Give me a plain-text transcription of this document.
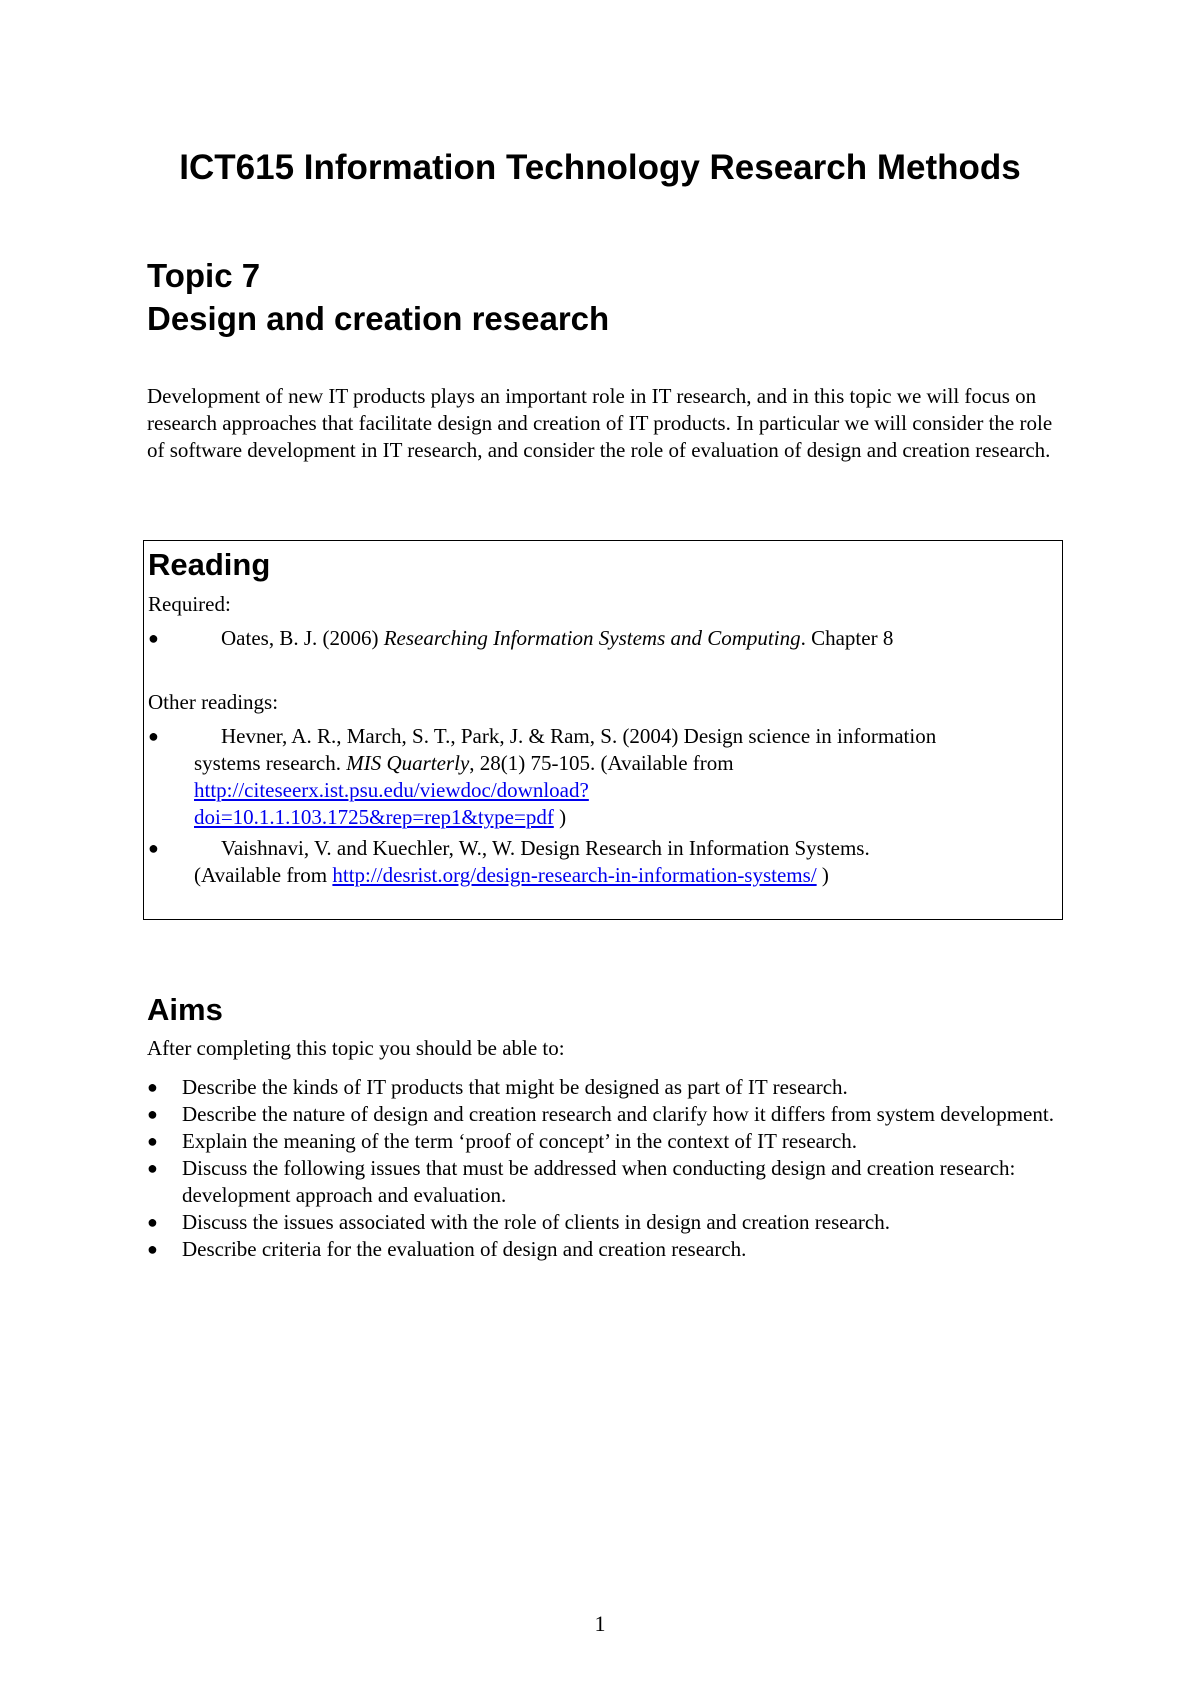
ICT615 Information Technology Research Methods
Topic 7
Design and creation research
Development of new IT products plays an important role in IT research, and in this topic we will focus on research approaches that facilitate design and creation of IT products. In particular we will consider the role of software development in IT research, and consider the role of evaluation of design and creation research.
Reading
Required:
●	Oates, B. J. (2006) Researching Information Systems and Computing. Chapter 8
Other readings:
●	Hevner, A. R., March, S. T., Park, J. & Ram, S. (2004) Design science in information
systems research. MIS Quarterly, 28(1) 75-105. (Available from
http://citeseerx.ist.psu.edu/viewdoc/download?
doi=10.1.1.103.1725&rep=rep1&type=pdf )
●	Vaishnavi, V. and Kuechler, W., W. Design Research in Information Systems.
(Available from http://desrist.org/design-research-in-information-systems/ )
Aims
After completing this topic you should be able to:
● Describe the kinds of IT products that might be designed as part of IT research.
● Describe the nature of design and creation research and clarify how it differs from system development.
● Explain the meaning of the term ‘proof of concept’ in the context of IT research.
● Discuss the following issues that must be addressed when conducting design and creation research: development approach and evaluation.
● Discuss the issues associated with the role of clients in design and creation research.
● Describe criteria for the evaluation of design and creation research.
1
